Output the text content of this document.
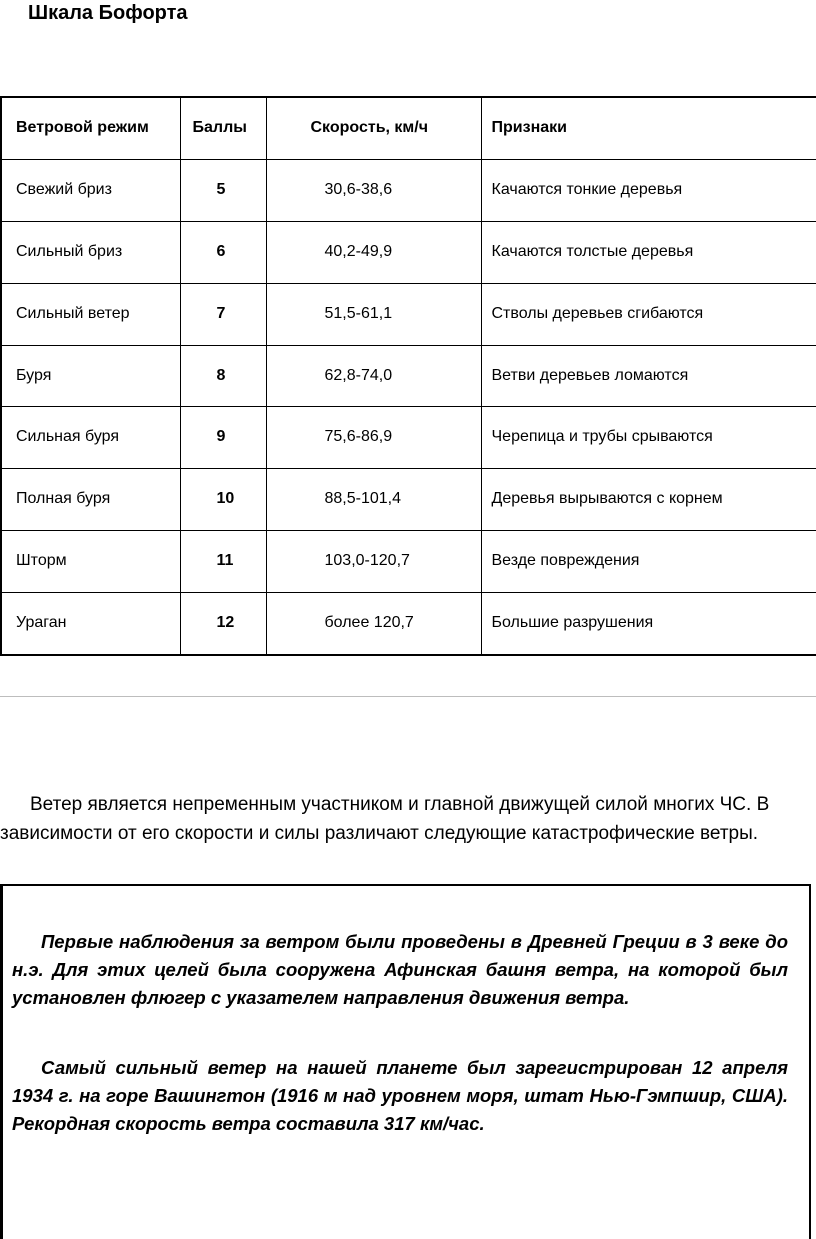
Шкала Бофорта
Ветровой режим	Баллы	Скорость, км/ч	Признаки

Свежий бриз	5	30,6-38,6	Качаются тонкие деревья

Сильный бриз	6	40,2-49,9	Качаются толстые деревья

Сильный ветер	7	51,5-61,1	Стволы деревьев сгибаются

Буря	8	62,8-74,0	Ветви деревьев ломаются

Сильная буря	9	75,6-86,9	Черепица и трубы срываются

Полная буря	10	88,5-101,4	Деревья вырываются с корнем

Шторм	11	103,0-120,7	Везде повреждения

Ураган	12	более 120,7	Большие разрушения

Ветер является непременным участником и главной движущей силой многих ЧС. В зависимости от его скорости и силы различают следующие катастрофические ветры.

Первые наблюдения за ветром были проведены в Древней Греции в 3 веке до н.э. Для этих целей была сооружена Афинская башня ветра, на которой был установлен флюгер с указателем направления движения ветра.

Самый сильный ветер на нашей планете был зарегистрирован 12 апреля 1934 г. на горе Вашингтон (1916 м над уровнем моря, штат Нью-Гэмпшир, США). Рекордная скорость ветра составила 317 км/час.
